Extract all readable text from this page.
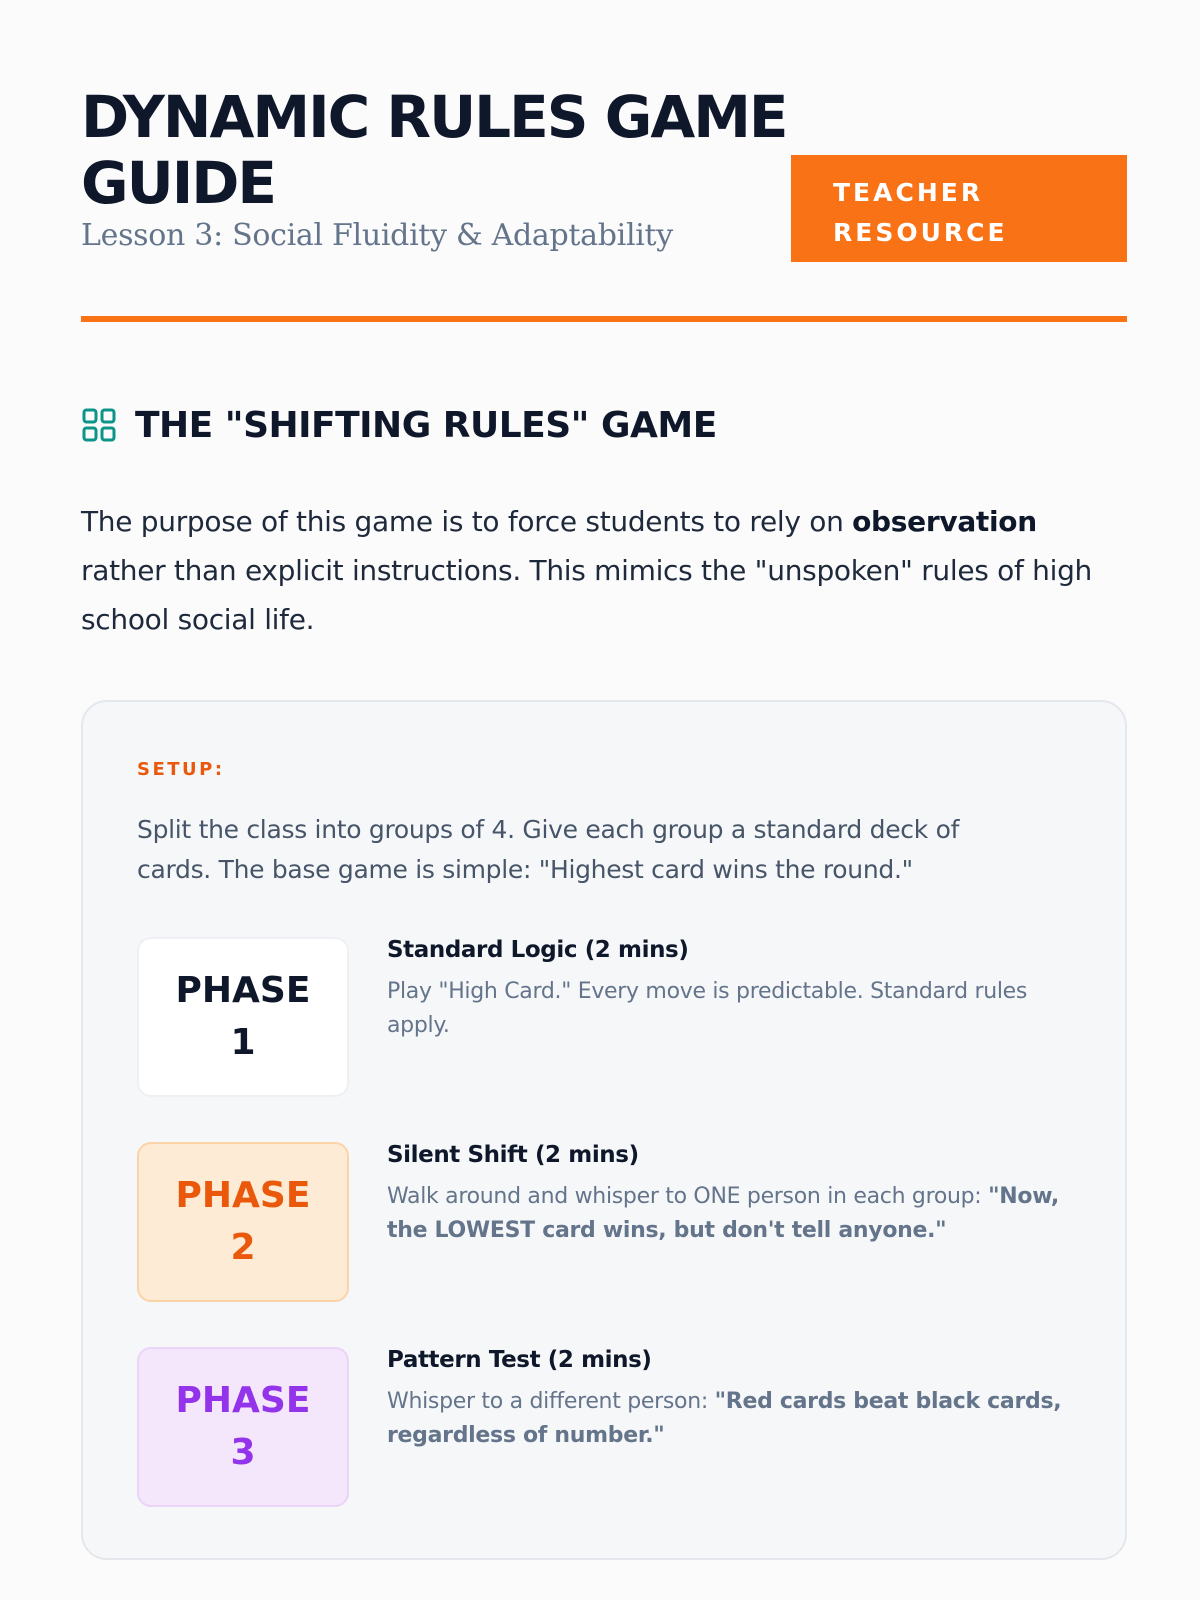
DYNAMIC RULES GAME GUIDE
Lesson 3: Social Fluidity & Adaptability
TEACHER
RESOURCE
THE "SHIFTING RULES" GAME

The purpose of this game is to force students to rely on observation rather than explicit instructions. This mimics the "unspoken" rules of high school social life.

SETUP:

Split the class into groups of 4. Give each group a standard deck of cards. The base game is simple: "Highest card wins the round."

PHASE
1
Standard Logic (2 mins)

Play "High Card." Every move is predictable. Standard rules apply.

PHASE
2
Silent Shift (2 mins)

Walk around and whisper to ONE person in each group: "Now, the LOWEST card wins, but don't tell anyone."

PHASE
3
Pattern Test (2 mins)

Whisper to a different person: "Red cards beat black cards, regardless of number."
